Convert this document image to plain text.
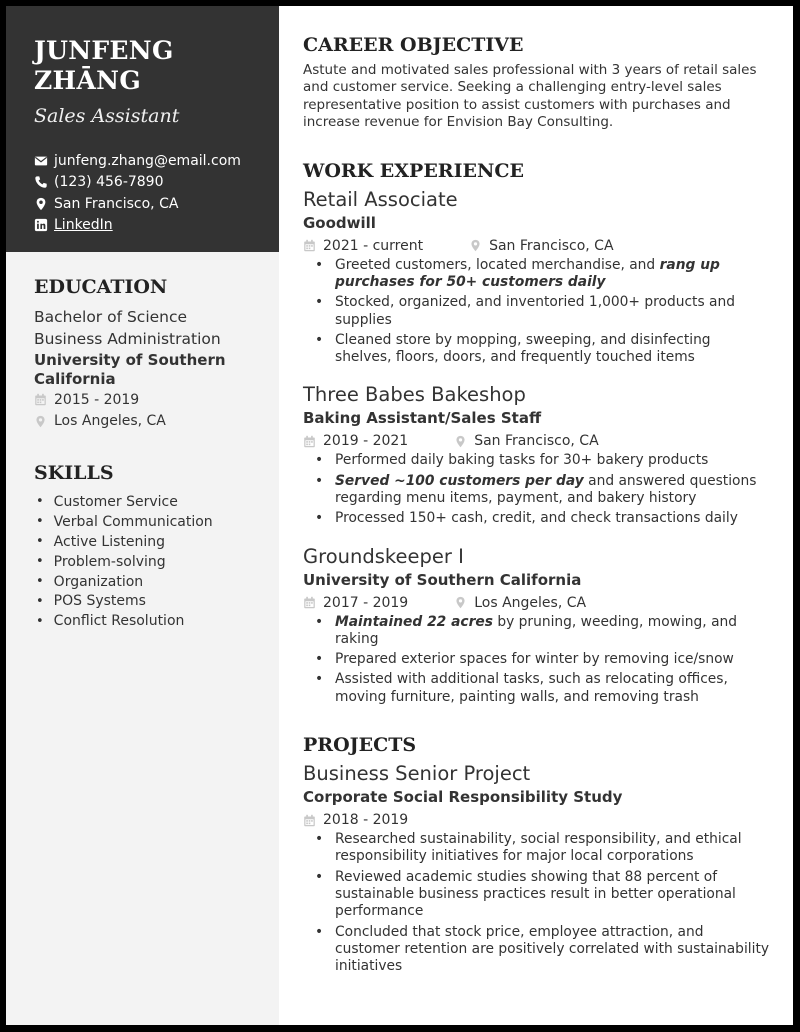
JUNFENG
ZHĀNG
Sales Assistant
junfeng.zhang@email.com
(123) 456-7890
San Francisco, CA
LinkedIn
EDUCATION
Bachelor of Science
Business Administration
University of Southern California
2015 - 2019
Los Angeles, CA
SKILLS
• Customer Service
• Verbal Communication
• Active Listening
• Problem-solving
• Organization
• POS Systems
• Conflict Resolution
CAREER OBJECTIVE
Astute and motivated sales professional with 3 years of retail sales and customer service. Seeking a challenging entry-level sales representative position to assist customers with purchases and increase revenue for Envision Bay Consulting.
WORK EXPERIENCE
Retail Associate
Goodwill
2021 - current	San Francisco, CA
• Greeted customers, located merchandise, and rang up purchases for 50+ customers daily
• Stocked, organized, and inventoried 1,000+ products and supplies
• Cleaned store by mopping, sweeping, and disinfecting shelves, floors, doors, and frequently touched items
Three Babes Bakeshop
Baking Assistant/Sales Staff
2019 - 2021	San Francisco, CA
• Performed daily baking tasks for 30+ bakery products
• Served ~100 customers per day and answered questions regarding menu items, payment, and bakery history
• Processed 150+ cash, credit, and check transactions daily
Groundskeeper I
University of Southern California
2017 - 2019	Los Angeles, CA
• Maintained 22 acres by pruning, weeding, mowing, and raking
• Prepared exterior spaces for winter by removing ice/snow
• Assisted with additional tasks, such as relocating offices, moving furniture, painting walls, and removing trash
PROJECTS
Business Senior Project
Corporate Social Responsibility Study
2018 - 2019
• Researched sustainability, social responsibility, and ethical responsibility initiatives for major local corporations
• Reviewed academic studies showing that 88 percent of sustainable business practices result in better operational performance
• Concluded that stock price, employee attraction, and customer retention are positively correlated with sustainability initiatives
